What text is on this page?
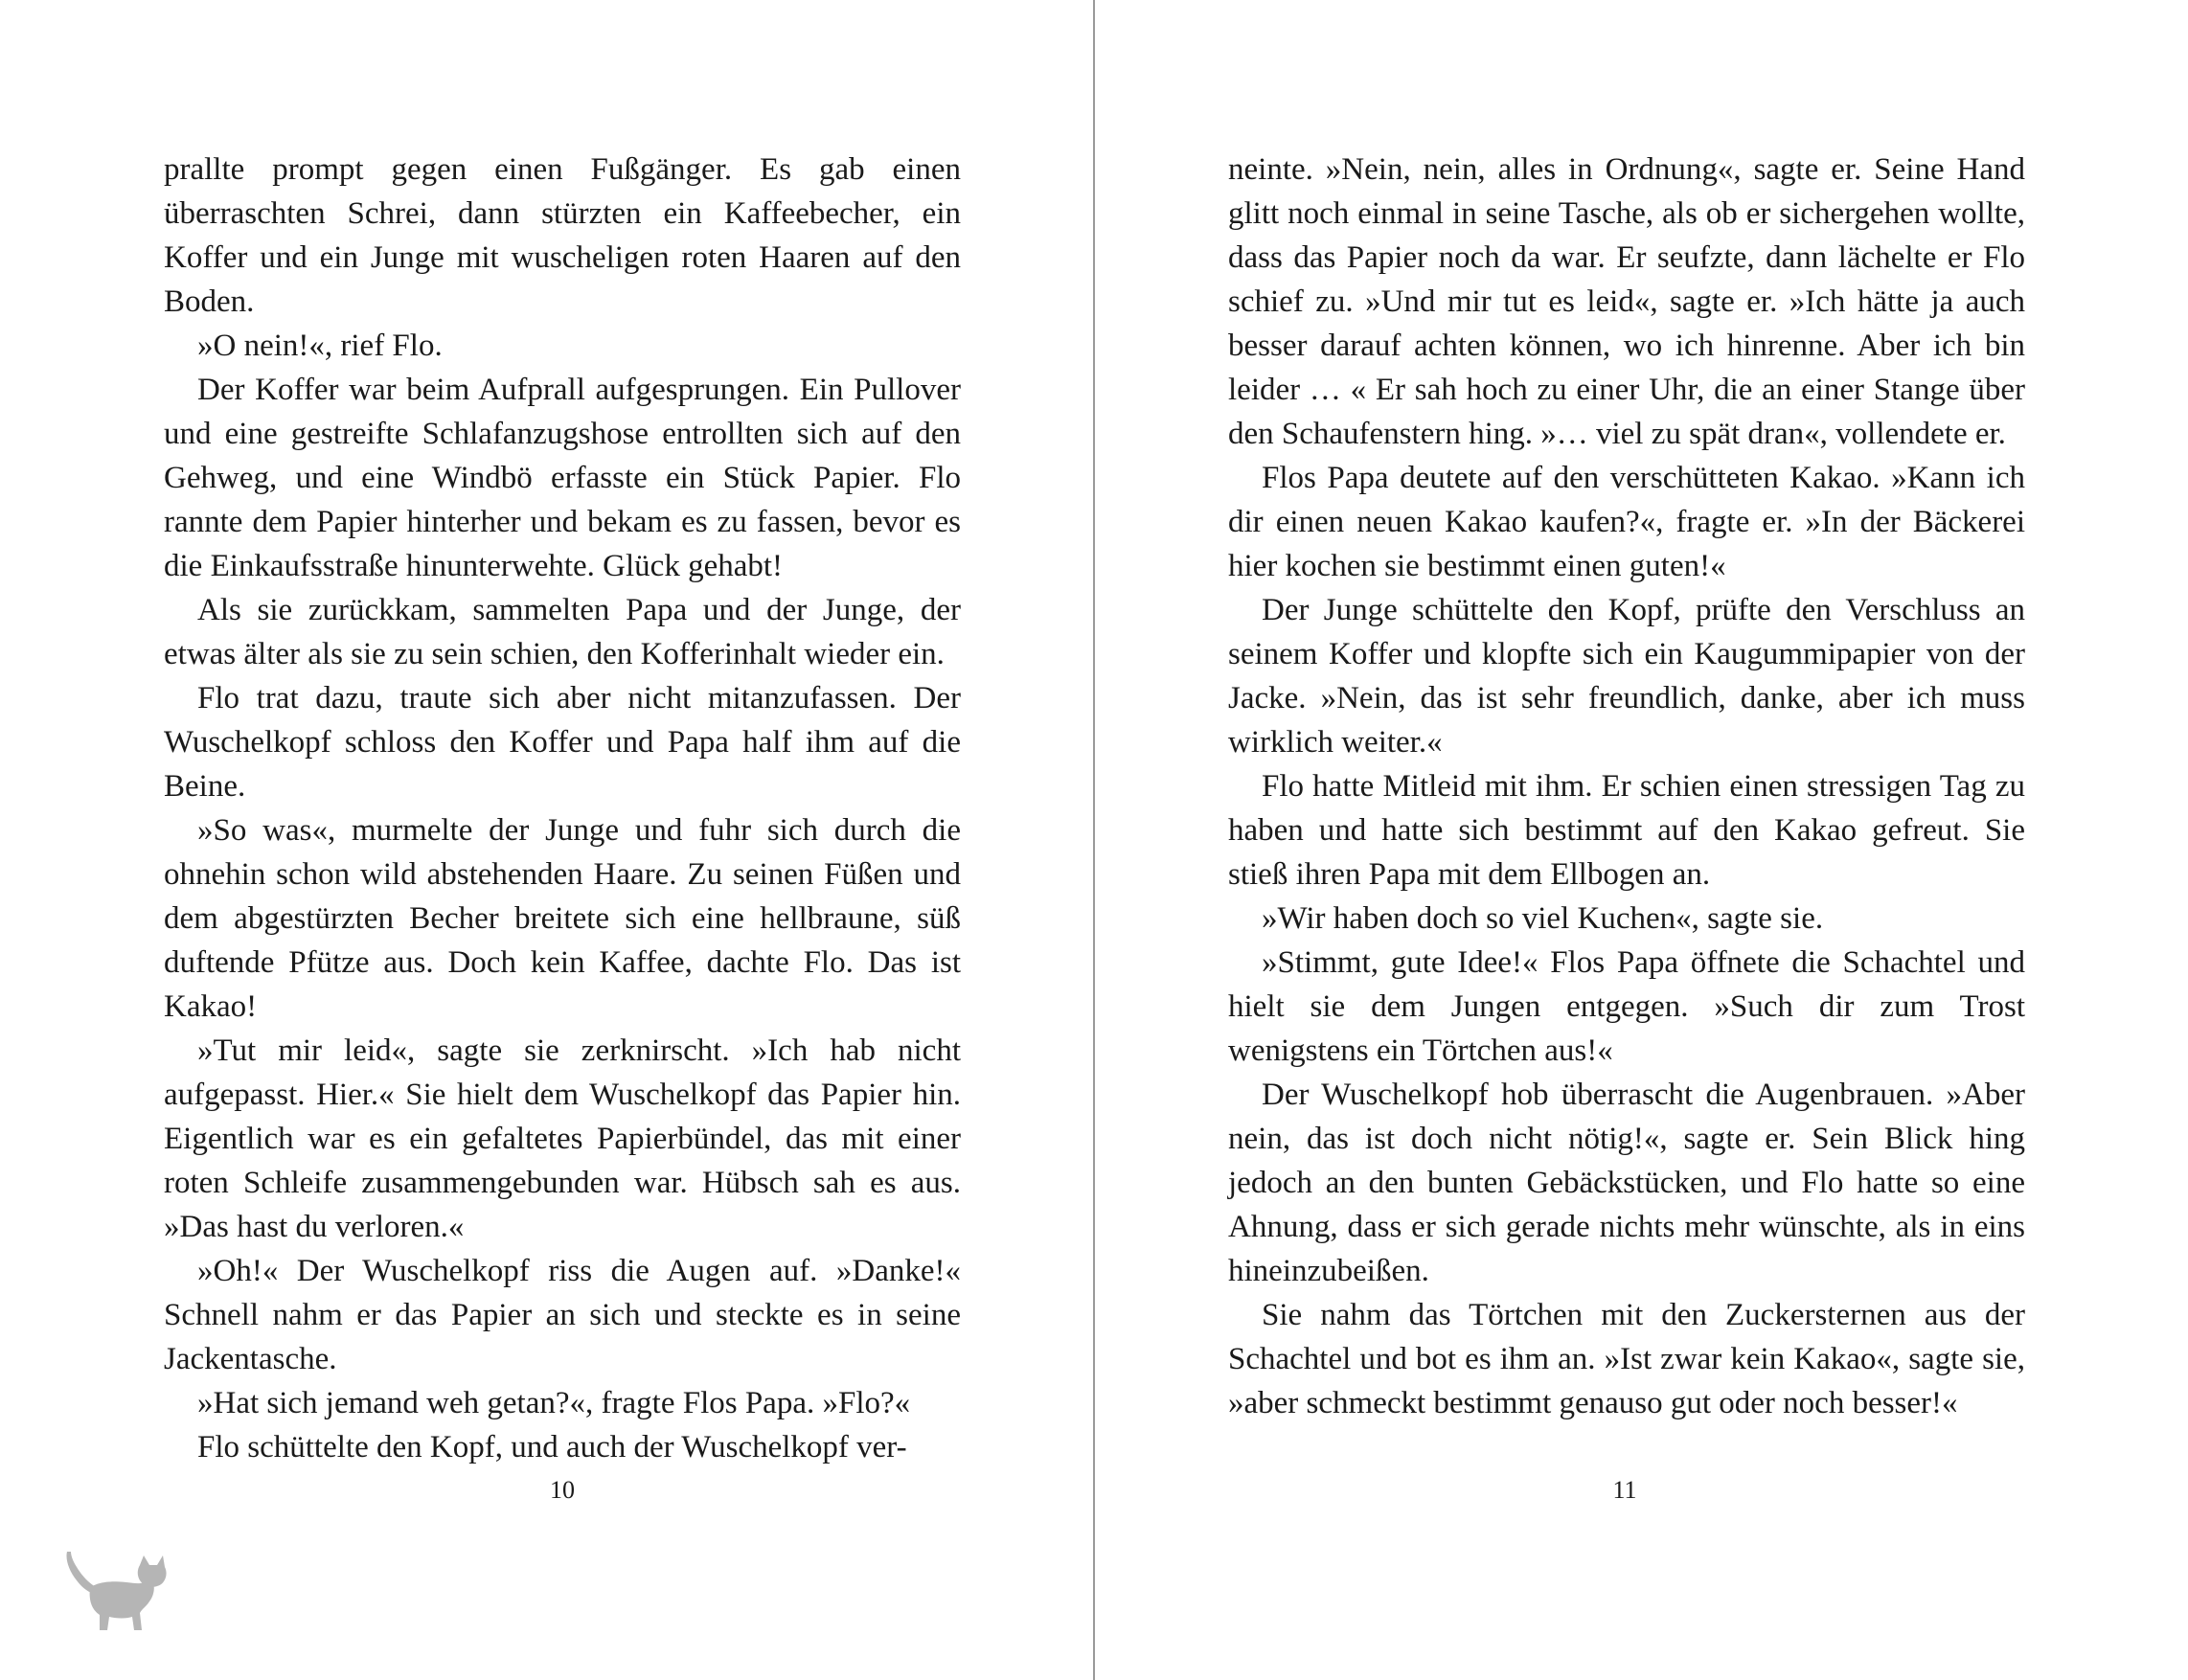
prallte prompt gegen einen Fußgänger. Es gab einen überraschten Schrei, dann stürzten ein Kaffeebecher, ein Koffer und ein Junge mit wuscheligen roten Haaren auf den Boden.

»O nein!«, rief Flo.

Der Koffer war beim Aufprall aufgesprungen. Ein Pullover und eine gestreifte Schlafanzugshose entrollten sich auf den Gehweg, und eine Windbö erfasste ein Stück Papier. Flo rannte dem Papier hinterher und bekam es zu fassen, bevor es die Einkaufsstraße hinunterwehte. Glück gehabt!

Als sie zurückkam, sammelten Papa und der Junge, der etwas älter als sie zu sein schien, den Kofferinhalt wieder ein.

Flo trat dazu, traute sich aber nicht mitanzufassen. Der Wuschelkopf schloss den Koffer und Papa half ihm auf die Beine.

»So was«, murmelte der Junge und fuhr sich durch die ohnehin schon wild abstehenden Haare. Zu seinen Füßen und dem abgestürzten Becher breitete sich eine hellbraune, süß duftende Pfütze aus. Doch kein Kaffee, dachte Flo. Das ist Kakao!

»Tut mir leid«, sagte sie zerknirscht. »Ich hab nicht aufgepasst. Hier.« Sie hielt dem Wuschelkopf das Papier hin. Eigentlich war es ein gefaltetes Papierbündel, das mit einer roten Schleife zusammengebunden war. Hübsch sah es aus. »Das hast du verloren.«

»Oh!« Der Wuschelkopf riss die Augen auf. »Danke!« Schnell nahm er das Papier an sich und steckte es in seine Jackentasche.

»Hat sich jemand weh getan?«, fragte Flos Papa. »Flo?«

Flo schüttelte den Kopf, und auch der Wuschelkopf ver-

10

neinte. »Nein, nein, alles in Ordnung«, sagte er. Seine Hand glitt noch einmal in seine Tasche, als ob er sichergehen wollte, dass das Papier noch da war. Er seufzte, dann lächelte er Flo schief zu. »Und mir tut es leid«, sagte er. »Ich hätte ja auch besser darauf achten können, wo ich hinrenne. Aber ich bin leider … « Er sah hoch zu einer Uhr, die an einer Stange über den Schaufenstern hing. »… viel zu spät dran«, vollendete er.

Flos Papa deutete auf den verschütteten Kakao. »Kann ich dir einen neuen Kakao kaufen?«, fragte er. »In der Bäckerei hier kochen sie bestimmt einen guten!«

Der Junge schüttelte den Kopf, prüfte den Verschluss an seinem Koffer und klopfte sich ein Kaugummipapier von der Jacke. »Nein, das ist sehr freundlich, danke, aber ich muss wirklich weiter.«

Flo hatte Mitleid mit ihm. Er schien einen stressigen Tag zu haben und hatte sich bestimmt auf den Kakao gefreut. Sie stieß ihren Papa mit dem Ellbogen an.

»Wir haben doch so viel Kuchen«, sagte sie.

»Stimmt, gute Idee!« Flos Papa öffnete die Schachtel und hielt sie dem Jungen entgegen. »Such dir zum Trost wenigstens ein Törtchen aus!«

Der Wuschelkopf hob überrascht die Augenbrauen. »Aber nein, das ist doch nicht nötig!«, sagte er. Sein Blick hing jedoch an den bunten Gebäckstücken, und Flo hatte so eine Ahnung, dass er sich gerade nichts mehr wünschte, als in eins hineinzubeißen.

Sie nahm das Törtchen mit den Zuckersternen aus der Schachtel und bot es ihm an. »Ist zwar kein Kakao«, sagte sie, »aber schmeckt bestimmt genauso gut oder noch besser!«

11
